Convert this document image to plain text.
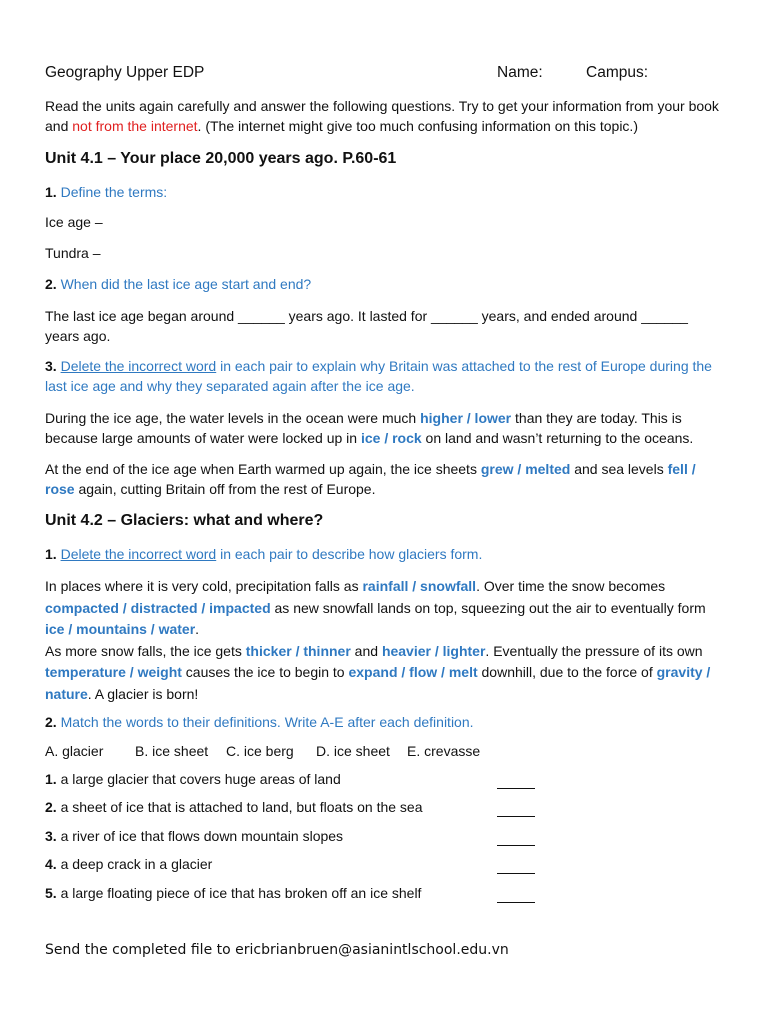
Geography Upper EDP	Name:	Campus:
Read the units again carefully and answer the following questions. Try to get your information from your book and not from the internet. (The internet might give too much confusing information on this topic.)
Unit 4.1 – Your place 20,000 years ago. P.60-61
1. Define the terms:
Ice age –
Tundra –
2. When did the last ice age start and end?
The last ice age began around ______ years ago. It lasted for ______ years, and ended around ______ years ago.
3. Delete the incorrect word in each pair to explain why Britain was attached to the rest of Europe during the last ice age and why they separated again after the ice age.
During the ice age, the water levels in the ocean were much higher / lower than they are today. This is because large amounts of water were locked up in ice / rock on land and wasn’t returning to the oceans.
At the end of the ice age when Earth warmed up again, the ice sheets grew / melted and sea levels fell / rose again, cutting Britain off from the rest of Europe.
Unit 4.2 – Glaciers: what and where?
1. Delete the incorrect word in each pair to describe how glaciers form.
In places where it is very cold, precipitation falls as rainfall / snowfall. Over time the snow becomes compacted / distracted / impacted as new snowfall lands on top, squeezing out the air to eventually form ice / mountains / water.
As more snow falls, the ice gets thicker / thinner and heavier / lighter. Eventually the pressure of its own temperature / weight causes the ice to begin to expand / flow / melt downhill, due to the force of gravity / nature. A glacier is born!
2. Match the words to their definitions. Write A-E after each definition.
A. glacier B. ice sheet C. ice berg D. ice sheet E. crevasse
1. a large glacier that covers huge areas of land
2. a sheet of ice that is attached to land, but floats on the sea
3. a river of ice that flows down mountain slopes
4. a deep crack in a glacier
5. a large floating piece of ice that has broken off an ice shelf
Send the completed file to ericbrianbruen@asianintlschool.edu.vn
